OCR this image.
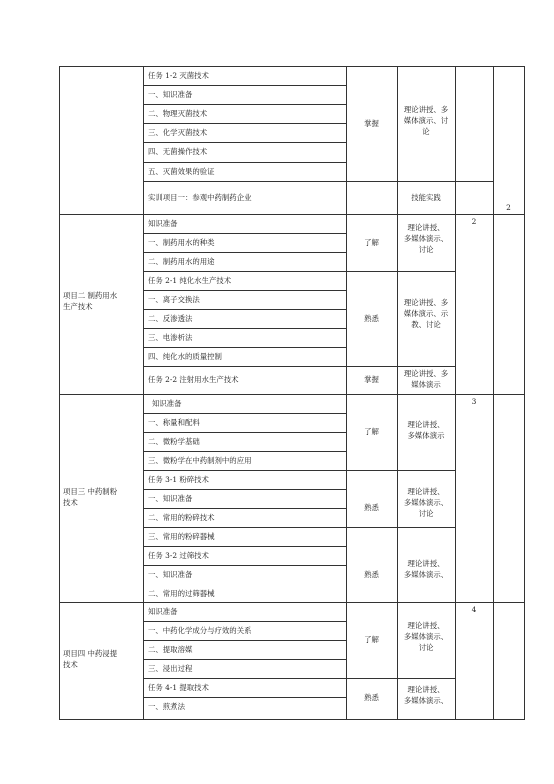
任务 1-2 灭菌技术
一、知识准备
二、物理灭菌技术
三、化学灭菌技术
四、无菌操作技术
五、灭菌效果的验证
掌握
理论讲授、多
媒体演示、讨
论
实训项目一：参观中药制药企业	技能实践
2
项目二 制药用水
生产技术
2
知识准备
一、制药用水的种类
二、制药用水的用途
了解
理论讲授、
多媒体演示、
讨论
任务 2-1 纯化水生产技术
一、离子交换法
二、反渗透法
三、电渗析法
四、纯化水的质量控制
熟悉
理论讲授、多
媒体演示、示
教、讨论
任务 2-2 注射用水生产技术	掌握
理论讲授、多
媒体演示
项目三 中药制粉
技术
3
知识准备
一、称量和配料
二、微粉学基础
三、微粉学在中药制剂中的应用
了解
理论讲授、
多媒体演示
任务 3-1 粉碎技术
一、知识准备
二、常用的粉碎技术
三、常用的粉碎器械
熟悉
理论讲授、
多媒体演示、
讨论
任务 3-2 过筛技术
一、知识准备
二、常用的过筛器械
熟悉
理论讲授、
多媒体演示、
项目四 中药浸提
技术
4
知识准备
一、中药化学成分与疗效的关系
二、提取溶媒
三、浸出过程
了解
理论讲授、
多媒体演示、
讨论
任务 4-1 提取技术
一、煎煮法
熟悉
理论讲授、
多媒体演示、
